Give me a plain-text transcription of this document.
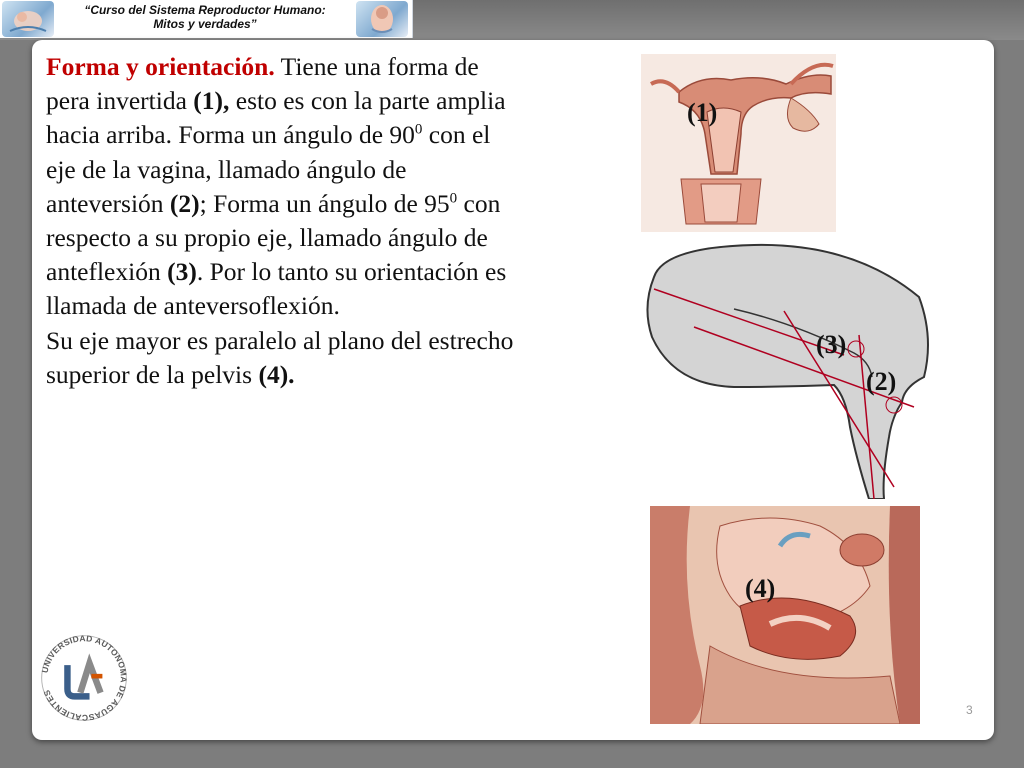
“Curso del Sistema Reproductor Humano:
Mitos y verdades”

Forma y orientación. Tiene una forma de pera invertida (1), esto es con la parte amplia hacia arriba. Forma un ángulo de $90^0$ con el eje de la vagina, llamado ángulo de anteversión (2); Forma un ángulo de $95^0$ con respecto a su propio eje, llamado ángulo de anteflexión (3). Por lo tanto su orientación es llamada de anteversoflexión.

Su eje mayor es paralelo al plano del estrecho superior de la pelvis (4).

(1)
(3)
(2)
(4)
UNIVERSIDAD AUTONOMA DE AGUASCALIENTES
3
